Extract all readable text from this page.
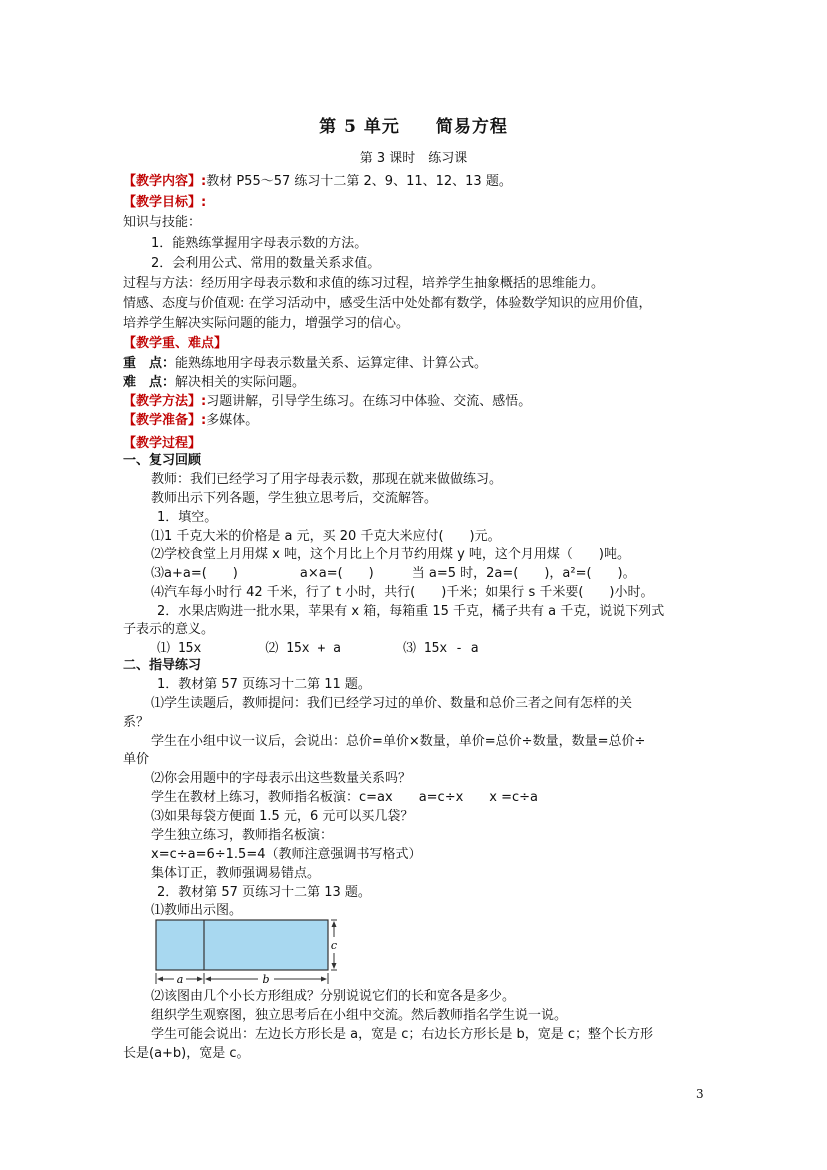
第 5 单元　　简易方程
第 3 课时　练习课
【教学内容】:教材 P55～57 练习十二第 2、9、11、12、13 题。
【教学目标】:
知识与技能：
1．能熟练掌握用字母表示数的方法。
2．会利用公式、常用的数量关系求值。
过程与方法：经历用字母表示数和求值的练习过程，培养学生抽象概括的思维能力。
情感、态度与价值观: 在学习活动中，感受生活中处处都有数学，体验数学知识的应用价值，
培养学生解决实际问题的能力，增强学习的信心。
【教学重、难点】
重　点：能熟练地用字母表示数量关系、运算定律、计算公式。
难　点：解决相关的实际问题。
【教学方法】:习题讲解，引导学生练习。在练习中体验、交流、感悟。
【教学准备】:多媒体。
【教学过程】
一、复习回顾
教师：我们已经学习了用字母表示数，那现在就来做做练习。
教师出示下列各题，学生独立思考后，交流解答。
1．填空。
⑴1 千克大米的价格是 a 元，买 20 千克大米应付(　　)元。
⑵学校食堂上月用煤 x 吨，这个月比上个月节约用煤 y 吨，这个月用煤（　　)吨。
⑶a+a=(　　)	a×a=(　　)	当 a=5 时，2a=(　　)，a²=(　　)。
⑷汽车每小时行 42 千米，行了 t 小时，共行(　　)千米；如果行 s 千米要(　　)小时。
2．水果店购进一批水果，苹果有 x 箱，每箱重 15 千克，橘子共有 a 千克，说说下列式
子表示的意义。
⑴ 15x	⑵ 15x + a	⑶ 15x - a
二、指导练习
1．教材第 57 页练习十二第 11 题。
⑴学生读题后，教师提问：我们已经学习过的单价、数量和总价三者之间有怎样的关
系？
学生在小组中议一议后，会说出：总价=单价×数量，单价=总价÷数量，数量=总价÷
单价
⑵你会用题中的字母表示出这些数量关系吗？
学生在教材上练习，教师指名板演：c=ax　　a=c÷x　　x =c÷a
⑶如果每袋方便面 1.5 元，6 元可以买几袋？
学生独立练习，教师指名板演：
x=c÷a=6÷1.5=4（教师注意强调书写格式）
集体订正，教师强调易错点。
2．教材第 57 页练习十二第 13 题。
⑴教师出示图。
c
a	b
⑵该图由几个小长方形组成？分别说说它们的长和宽各是多少。
组织学生观察图，独立思考后在小组中交流。然后教师指名学生说一说。
学生可能会说出：左边长方形长是 a，宽是 c；右边长方形长是 b，宽是 c；整个长方形
长是(a+b)，宽是 c。
3
